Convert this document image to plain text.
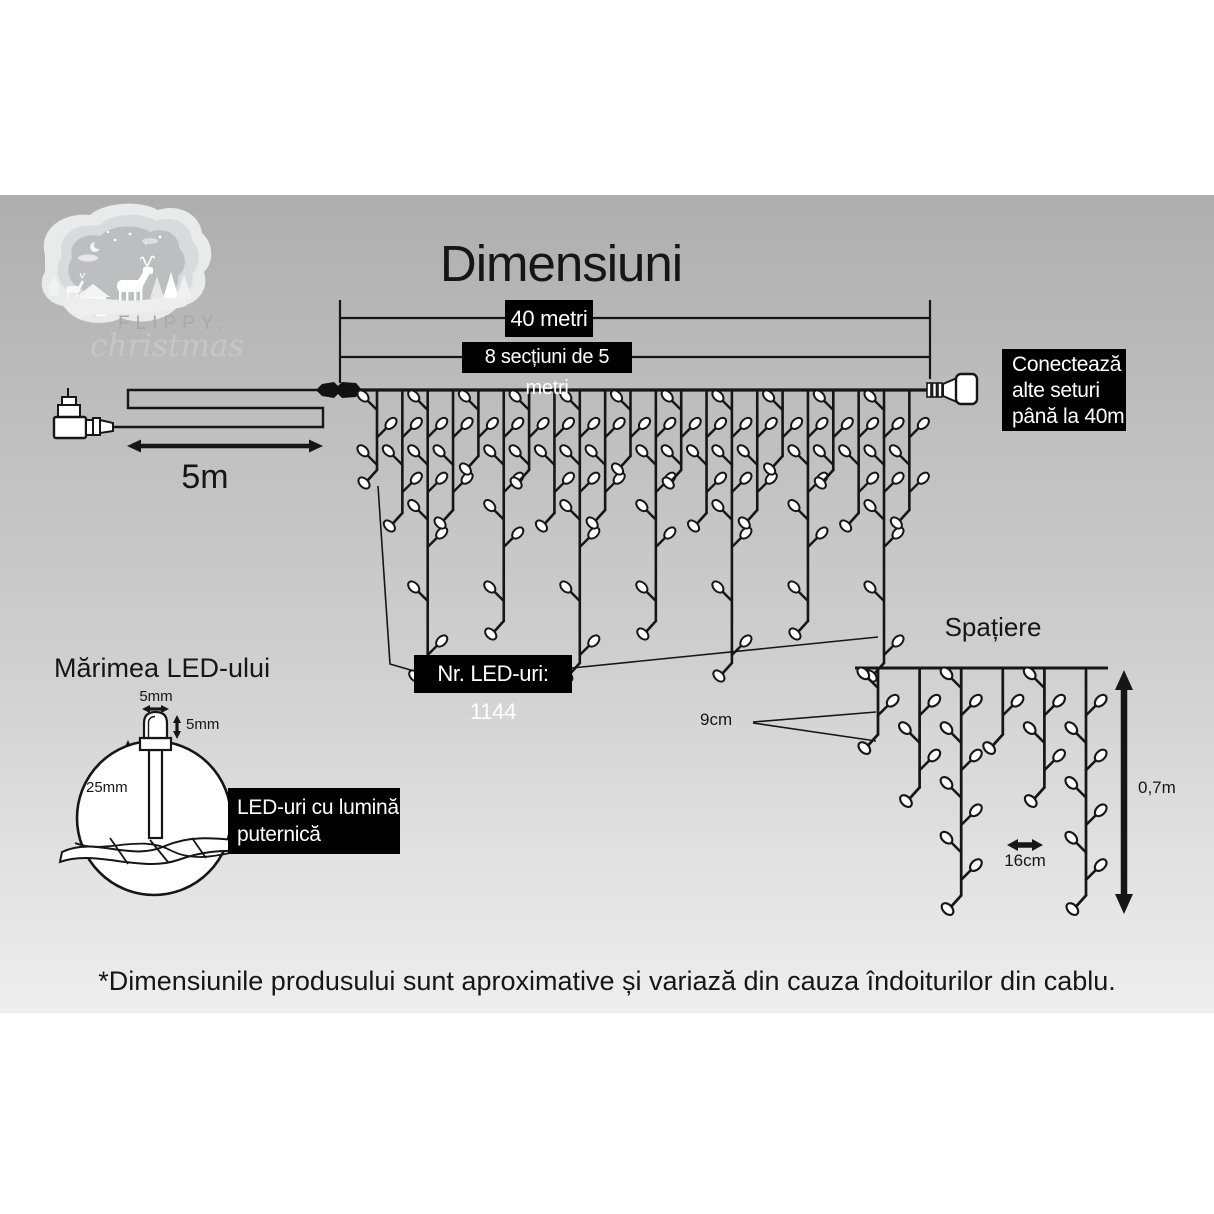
Dimensiuni
40 metri
8 secțiuni de 5 metri
5m
Conectează
alte seturi
până la 40m
Nr. LED-uri: 1144
Spațiere
9cm
16cm
0,7m
Mărimea LED-ului
5mm
5mm
25mm
LED-uri cu lumină
puternică
*Dimensiunile produsului sunt aproximative și variază din cauza îndoiturilor din cablu.
FLIPPY.
christmas
